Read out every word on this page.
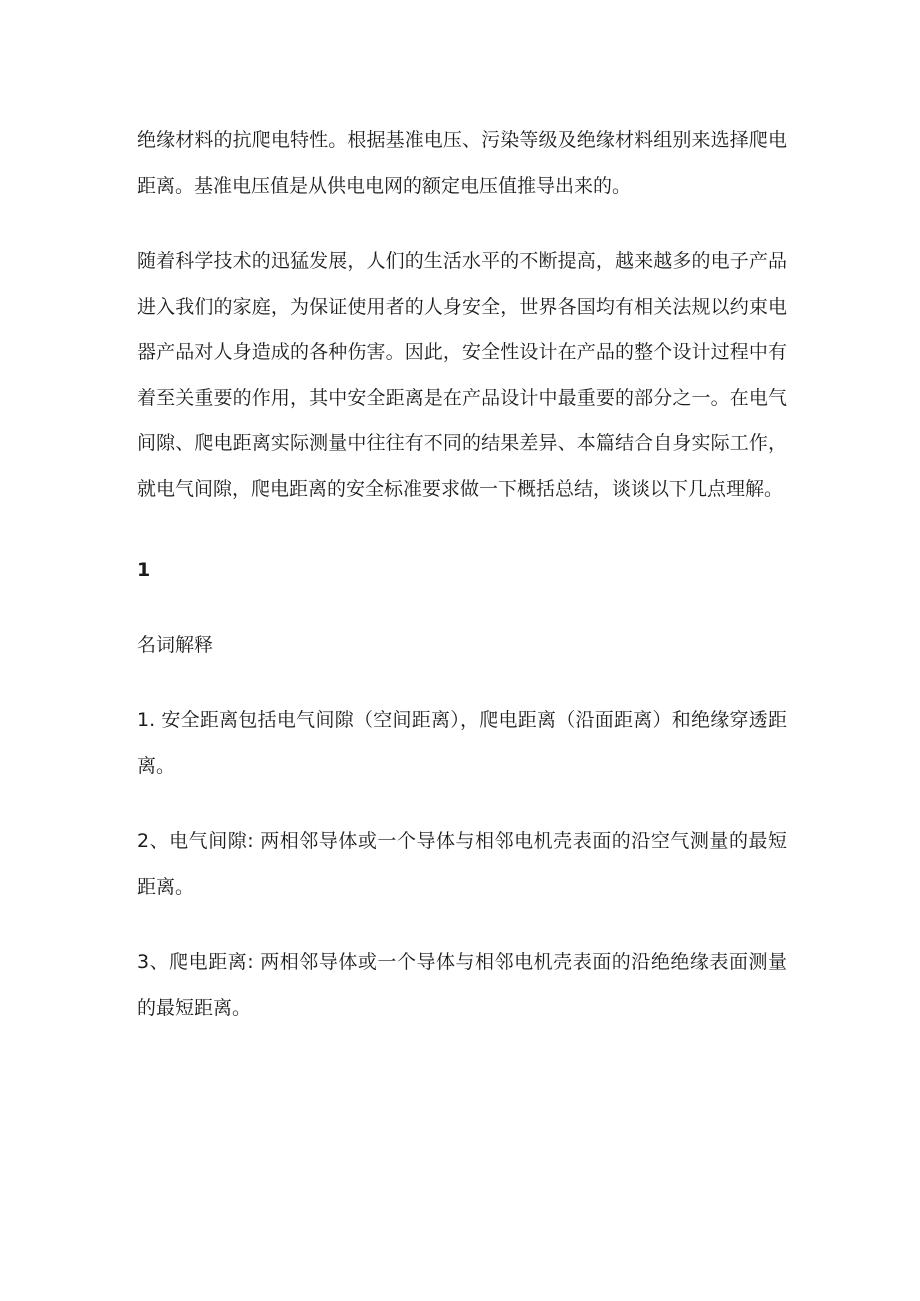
绝缘材料的抗爬电特性。根据基准电压、污染等级及绝缘材料组别来选择爬电距离。基准电压值是从供电电网的额定电压值推导出来的。

随着科学技术的迅猛发展，人们的生活水平的不断提高，越来越多的电子产品进入我们的家庭，为保证使用者的人身安全，世界各国均有相关法规以约束电器产品对人身造成的各种伤害。因此，安全性设计在产品的整个设计过程中有着至关重要的作用，其中安全距离是在产品设计中最重要的部分之一。在电气间隙、爬电距离实际测量中往往有不同的结果差异、本篇结合自身实际工作，就电气间隙，爬电距离的安全标准要求做一下概括总结，谈谈以下几点理解。

1
名词解释

1. 安全距离包括电气间隙（空间距离），爬电距离（沿面距离）和绝缘穿透距离。

2、电气间隙: 两相邻导体或一个导体与相邻电机壳表面的沿空气测量的最短距离。

3、爬电距离: 两相邻导体或一个导体与相邻电机壳表面的沿绝绝缘表面测量的最短距离。
